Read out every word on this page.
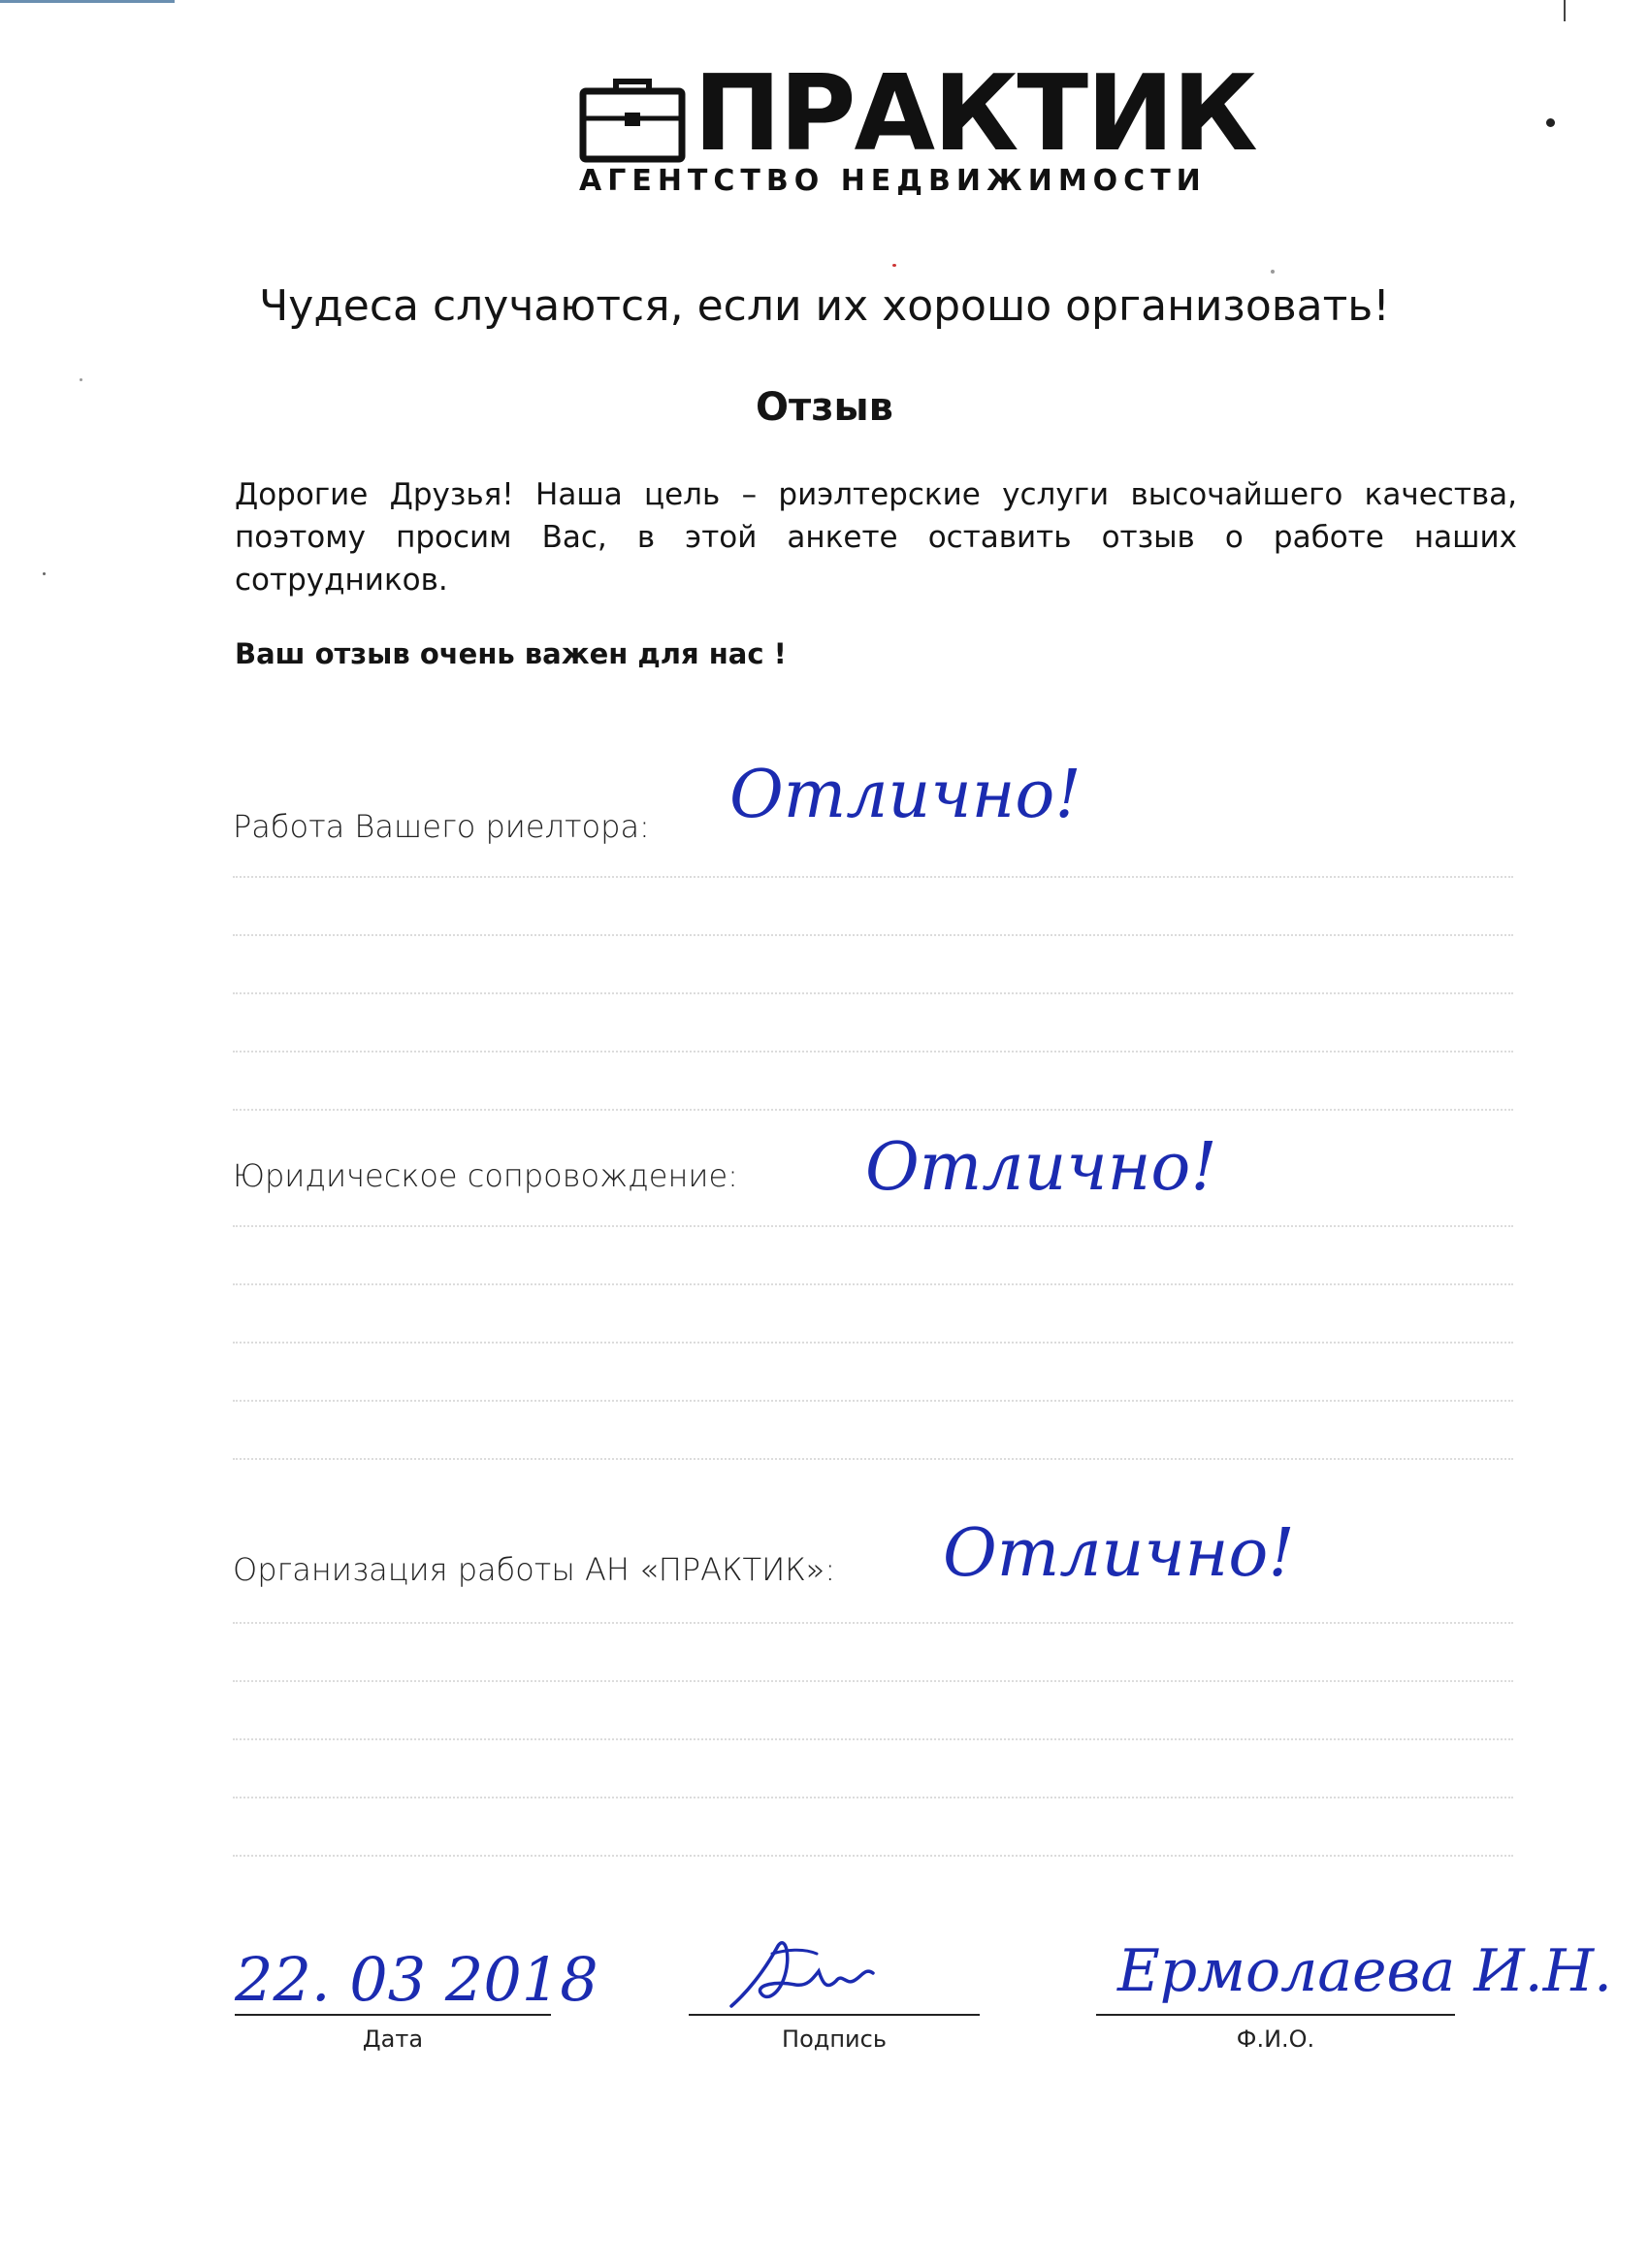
ПРАКТИК
АГЕНТСТВО НЕДВИЖИМОСТИ
Чудеса случаются, если их хорошо организовать!
Отзыв
Дорогие Друзья! Наша цель – риэлтерские услуги высочайшего качества, поэтому просим Вас, в этой анкете оставить отзыв о работе наших сотрудников.
Ваш отзыв очень важен для нас !
Работа Вашего риелтора: Отлично!
Юридическое сопровождение: Отлично!
Организация работы АН «ПРАКТИК»: Отлично!
22. 03 2018
Дата	Подпись
Ермолаева И.Н.
Ф.И.О.
